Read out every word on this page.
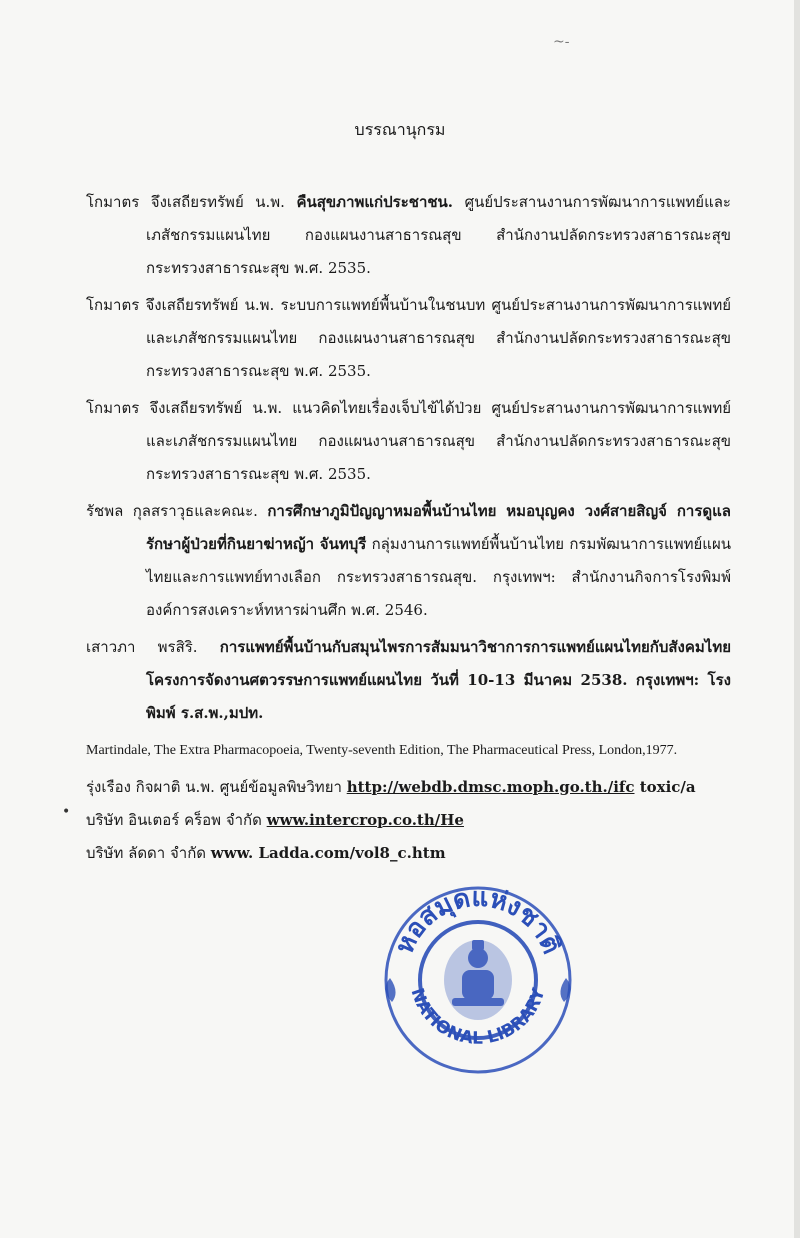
~-
บรรณานุกรม

โกมาตร จึงเสถียรทรัพย์ น.พ. คืนสุขภาพแก่ประชาชน. ศูนย์ประสานงานการพัฒนาการแพทย์และเภสัชกรรมแผนไทย กองแผนงานสาธารณสุข สำนักงานปลัดกระทรวงสาธารณะสุข กระทรวงสาธารณะสุข พ.ศ. 2535.

โกมาตร จึงเสถียรทรัพย์ น.พ. ระบบการแพทย์พื้นบ้านในชนบท ศูนย์ประสานงานการพัฒนาการแพทย์และเภสัชกรรมแผนไทย กองแผนงานสาธารณสุข สำนักงานปลัดกระทรวงสาธารณะสุข กระทรวงสาธารณะสุข พ.ศ. 2535.

โกมาตร จึงเสถียรทรัพย์ น.พ. แนวคิดไทยเรื่องเจ็บไข้ได้ป่วย ศูนย์ประสานงานการพัฒนาการแพทย์และเภสัชกรรมแผนไทย กองแผนงานสาธารณสุข สำนักงานปลัดกระทรวงสาธารณะสุข กระทรวงสาธารณะสุข พ.ศ. 2535.

รัชพล กุลสราวุธและคณะ. การศึกษาภูมิปัญญาหมอพื้นบ้านไทย หมอบุญคง วงศ์สายสิญจ์ การดูแลรักษาผู้ป่วยที่กินยาฆ่าหญ้า จันทบุรี กลุ่มงานการแพทย์พื้นบ้านไทย กรมพัฒนาการแพทย์แผนไทยและการแพทย์ทางเลือก กระทรวงสาธารณสุข. กรุงเทพฯ: สำนักงานกิจการโรงพิมพ์องค์การสงเคราะห์ทหารผ่านศึก พ.ศ. 2546.

เสาวภา พรสิริ. การแพทย์พื้นบ้านกับสมุนไพรการสัมมนาวิชาการการแพทย์แผนไทยกับสังคมไทย โครงการจัดงานศตวรรษการแพทย์แผนไทย วันที่ 10-13 มีนาคม 2538. กรุงเทพฯ: โรงพิมพ์ ร.ส.พ.,มปท.

Martindale, The Extra Pharmacopoeia, Twenty-seventh Edition, The Pharmaceutical Press, London,1977.

รุ่งเรือง กิจผาติ น.พ. ศูนย์ข้อมูลพิษวิทยา http://webdb.dmsc.moph.go.th./ifc toxic/a

บริษัท อินเตอร์ คร็อพ จำกัด www.intercrop.co.th/He

บริษัท ลัดดา จำกัด www. Ladda.com/vol8_c.htm

•
หอสมุดแห่งชาติ
NATIONAL LIBRARY
